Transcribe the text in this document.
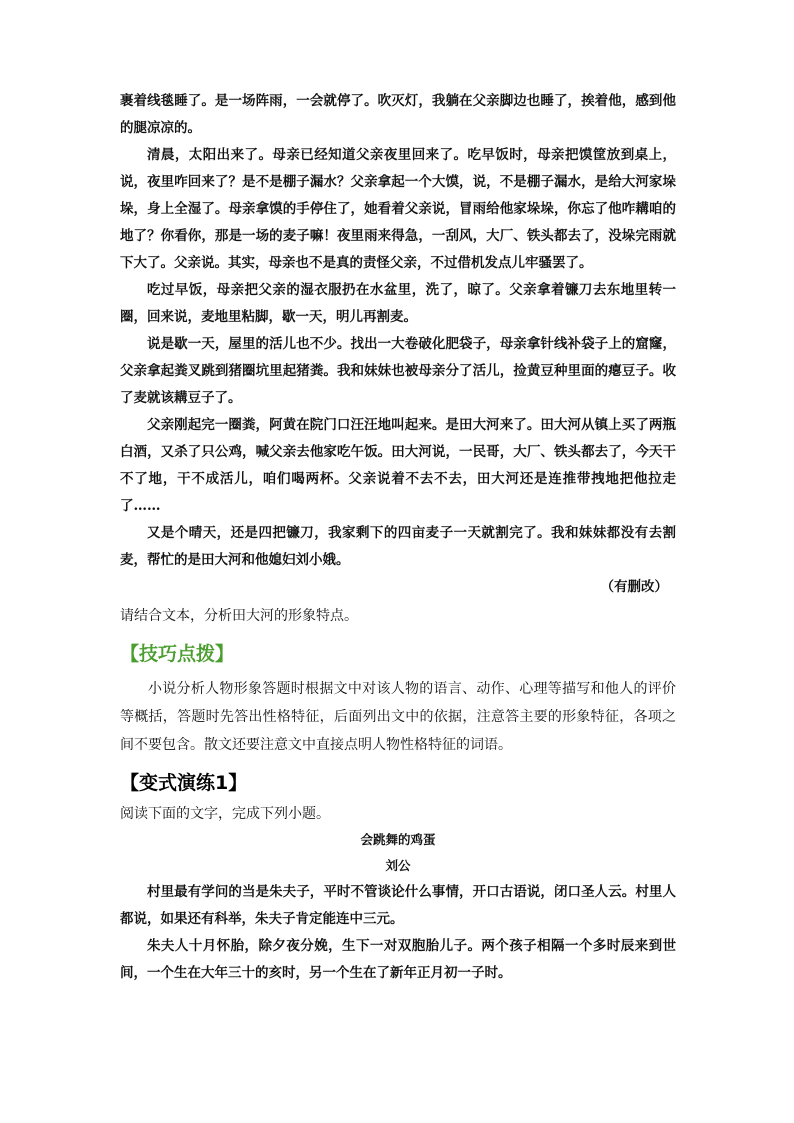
裹着线毯睡了。是一场阵雨，一会就停了。吹灭灯，我躺在父亲脚边也睡了，挨着他，感到他的腿凉凉的。

清晨，太阳出来了。母亲已经知道父亲夜里回来了。吃早饭时，母亲把馍筐放到桌上，说，夜里咋回来了？是不是棚子漏水？父亲拿起一个大馍，说，不是棚子漏水，是给大河家垛垛，身上全湿了。母亲拿馍的手停住了，她看着父亲说，冒雨给他家垛垛，你忘了他咋耩咱的地了？你看你，那是一场的麦子嘛！夜里雨来得急，一刮风，大厂、铁头都去了，没垛完雨就下大了。父亲说。其实，母亲也不是真的责怪父亲，不过借机发点儿牢骚罢了。

吃过早饭，母亲把父亲的湿衣服扔在水盆里，洗了，晾了。父亲拿着镰刀去东地里转一圈，回来说，麦地里粘脚，歇一天，明儿再割麦。

说是歇一天，屋里的活儿也不少。找出一大卷破化肥袋子，母亲拿针线补袋子上的窟窿，父亲拿起粪叉跳到猪圈坑里起猪粪。我和妹妹也被母亲分了活儿，捡黄豆种里面的瘪豆子。收了麦就该耩豆子了。

父亲刚起完一圈粪，阿黄在院门口汪汪地叫起来。是田大河来了。田大河从镇上买了两瓶白酒，又杀了只公鸡，喊父亲去他家吃午饭。田大河说，一民哥，大厂、铁头都去了，今天干不了地，干不成活儿，咱们喝两杯。父亲说着不去不去，田大河还是连推带拽地把他拉走了……

又是个晴天，还是四把镰刀，我家剩下的四亩麦子一天就割完了。我和妹妹都没有去割麦，帮忙的是田大河和他媳妇刘小娥。

（有删改）

请结合文本，分析田大河的形象特点。

【技巧点拨】

小说分析人物形象答题时根据文中对该人物的语言、动作、心理等描写和他人的评价等概括，答题时先答出性格特征，后面列出文中的依据，注意答主要的形象特征，各项之间不要包含。散文还要注意文中直接点明人物性格特征的词语。

【变式演练1】

阅读下面的文字，完成下列小题。

会跳舞的鸡蛋

刘公

村里最有学问的当是朱夫子，平时不管谈论什么事情，开口古语说，闭口圣人云。村里人都说，如果还有科举，朱夫子肯定能连中三元。

朱夫人十月怀胎，除夕夜分娩，生下一对双胞胎儿子。两个孩子相隔一个多时辰来到世间，一个生在大年三十的亥时，另一个生在了新年正月初一子时。
